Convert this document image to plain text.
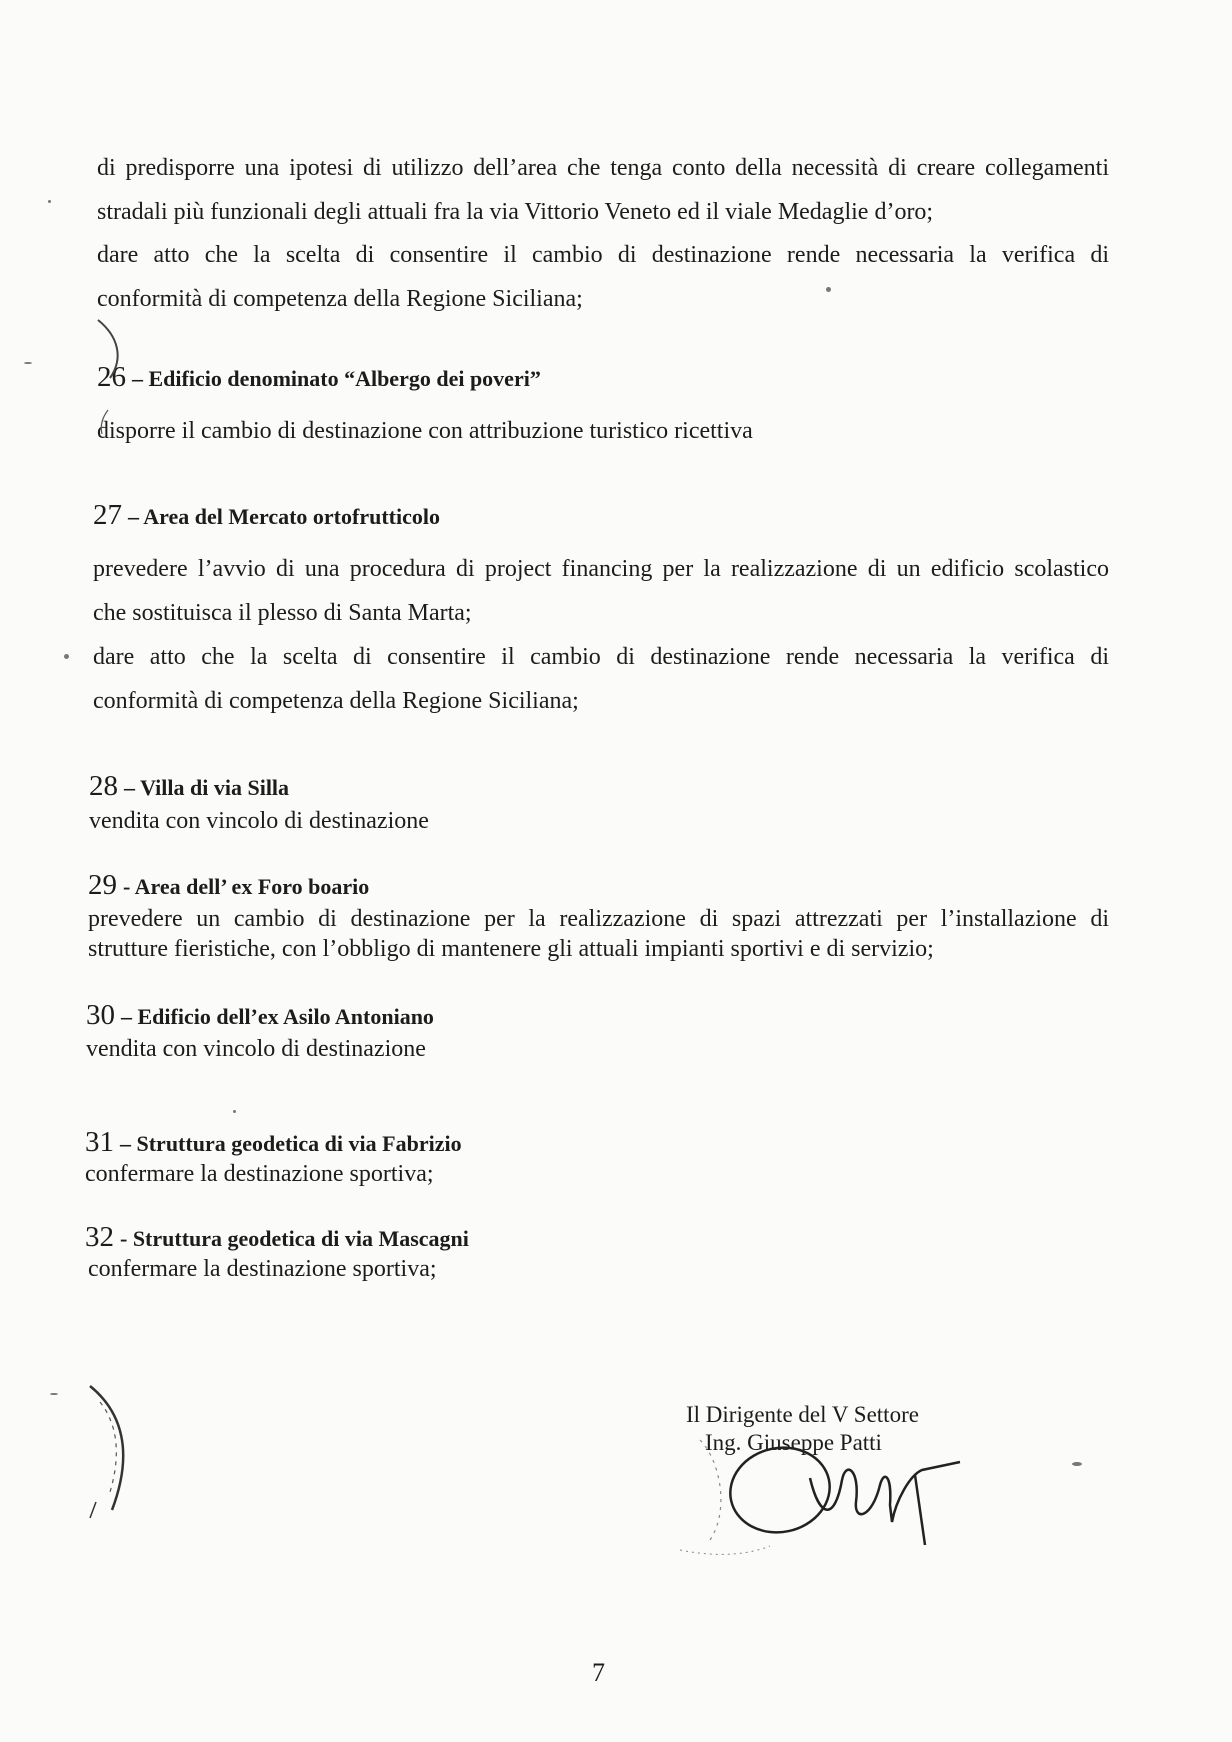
di predisporre una ipotesi di utilizzo dell’area che tenga conto della necessità di creare collegamenti
stradali più funzionali degli attuali fra la via Vittorio Veneto ed il viale Medaglie d’oro;
dare atto che la scelta di consentire il cambio di destinazione rende necessaria la verifica di
conformità di competenza della Regione Siciliana;
26 – Edificio denominato “Albergo dei poveri”
disporre il cambio di destinazione con attribuzione turistico ricettiva
27 – Area del Mercato ortofrutticolo
prevedere l’avvio di una procedura di project financing per la realizzazione di un edificio scolastico
che sostituisca il plesso di Santa Marta;
dare atto che la scelta di consentire il cambio di destinazione rende necessaria la verifica di
conformità di competenza della Regione Siciliana;
28 – Villa di via Silla
vendita con vincolo di destinazione
29 - Area dell’ ex Foro boario
prevedere un cambio di destinazione per la realizzazione di spazi attrezzati per l’installazione di
strutture fieristiche, con l’obbligo di mantenere gli attuali impianti sportivi e di servizio;
30 – Edificio dell’ex Asilo Antoniano
vendita con vincolo di destinazione
31 – Struttura geodetica di via Fabrizio
confermare la destinazione sportiva;
32 - Struttura geodetica di via Mascagni
confermare la destinazione sportiva;
Il Dirigente del V Settore
Ing. Giuseppe Patti
7
